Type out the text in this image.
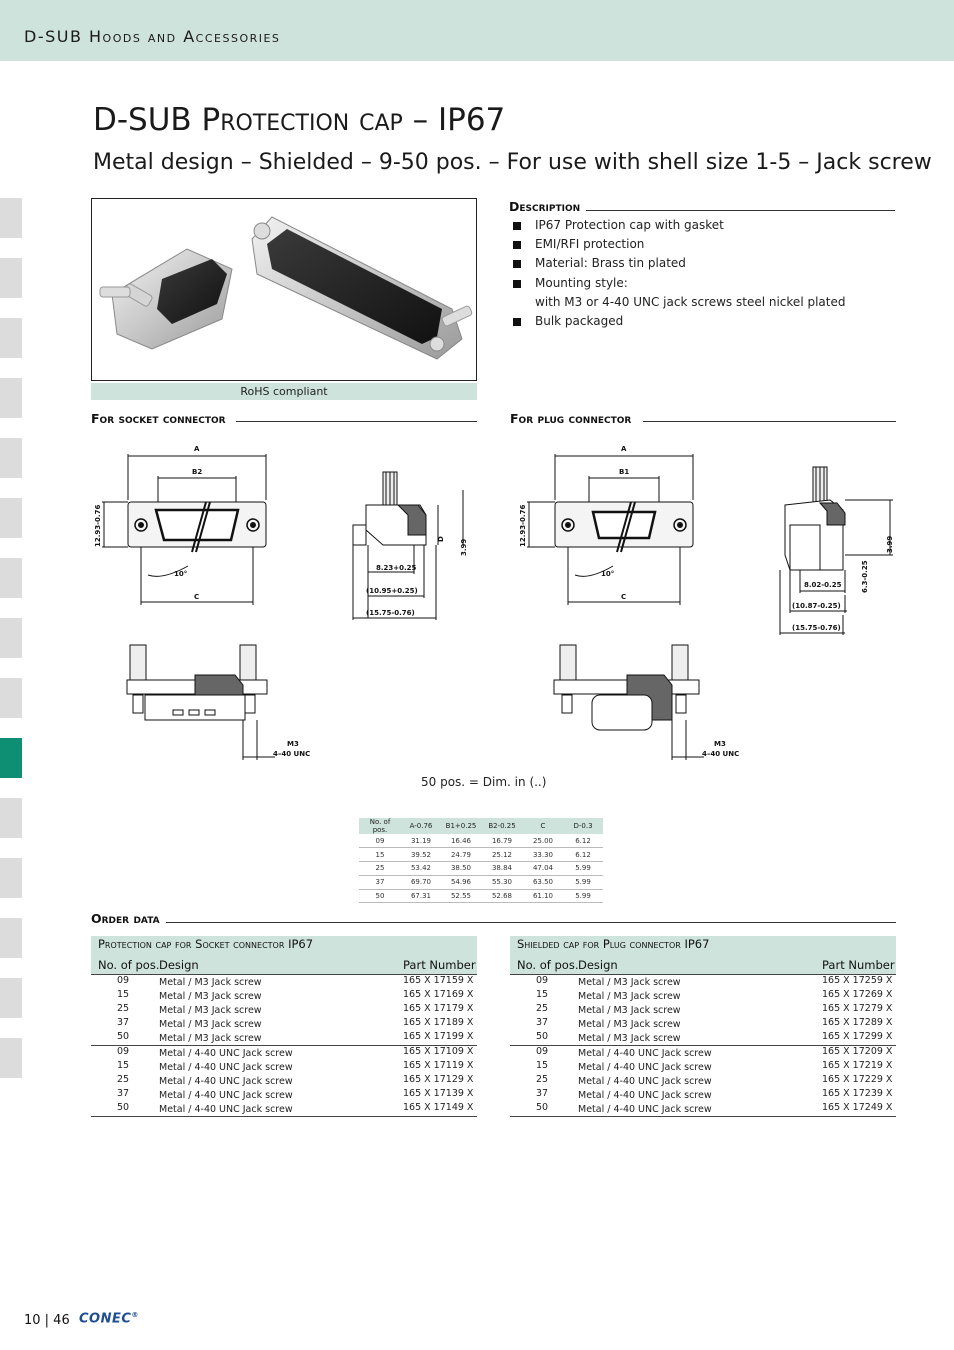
D-SUB Hoods and Accessories
D-SUB Protection cap – IP67
Metal design – Shielded – 9-50 pos. – For use with shell size 1-5 – Jack screw
RoHS compliant
Description
IP67 Protection cap with gasket
EMI/RFI protection
Material: Brass tin plated
Mounting style:
with M3 or 4-40 UNC jack screws steel nickel plated
Bulk packaged
For socket connector	For plug connector
A
B2
C
10°
12.93-0.76	D 3.99
8.23+0.25
(10.95+0.25)
(15.75-0.76)
M3
4–40 UNC
A
B1
C
10°
12.93-0.76	3.99
8.02-0.25	6.3-0.25
(10.87-0.25)
(15.75-0.76)
M3
4–40 UNC
50 pos. = Dim. in (..)
No. of pos.	A-0.76	B1+0.25	B2-0.25	C	D-0.3
09	31.19	16.46	16.79	25.00	6.12
15	39.52	24.79	25.12	33.30	6.12
25	53.42	38.50	38.84	47.04	5.99
37	69.70	54.96	55.30	63.50	5.99
50	67.31	52.55	52.68	61.10	5.99
Order data
Protection cap for Socket connector IP67
No. of pos. Design	Part Number
09	Metal / M3 Jack screw	165 X 17159 X
15	Metal / M3 Jack screw	165 X 17169 X
25	Metal / M3 Jack screw	165 X 17179 X
37	Metal / M3 Jack screw	165 X 17189 X
50	Metal / M3 Jack screw	165 X 17199 X
09	Metal / 4-40 UNC Jack screw	165 X 17109 X
15	Metal / 4-40 UNC Jack screw	165 X 17119 X
25	Metal / 4-40 UNC Jack screw	165 X 17129 X
37	Metal / 4-40 UNC Jack screw	165 X 17139 X
50	Metal / 4-40 UNC Jack screw	165 X 17149 X
Shielded cap for Plug connector IP67
No. of pos. Design	Part Number
09	Metal / M3 Jack screw	165 X 17259 X
15	Metal / M3 Jack screw	165 X 17269 X
25	Metal / M3 Jack screw	165 X 17279 X
37	Metal / M3 Jack screw	165 X 17289 X
50	Metal / M3 Jack screw	165 X 17299 X
09	Metal / 4-40 UNC Jack screw	165 X 17209 X
15	Metal / 4-40 UNC Jack screw	165 X 17219 X
25	Metal / 4-40 UNC Jack screw	165 X 17229 X
37	Metal / 4-40 UNC Jack screw	165 X 17239 X
50	Metal / 4-40 UNC Jack screw	165 X 17249 X
10 | 46 CONEC®
